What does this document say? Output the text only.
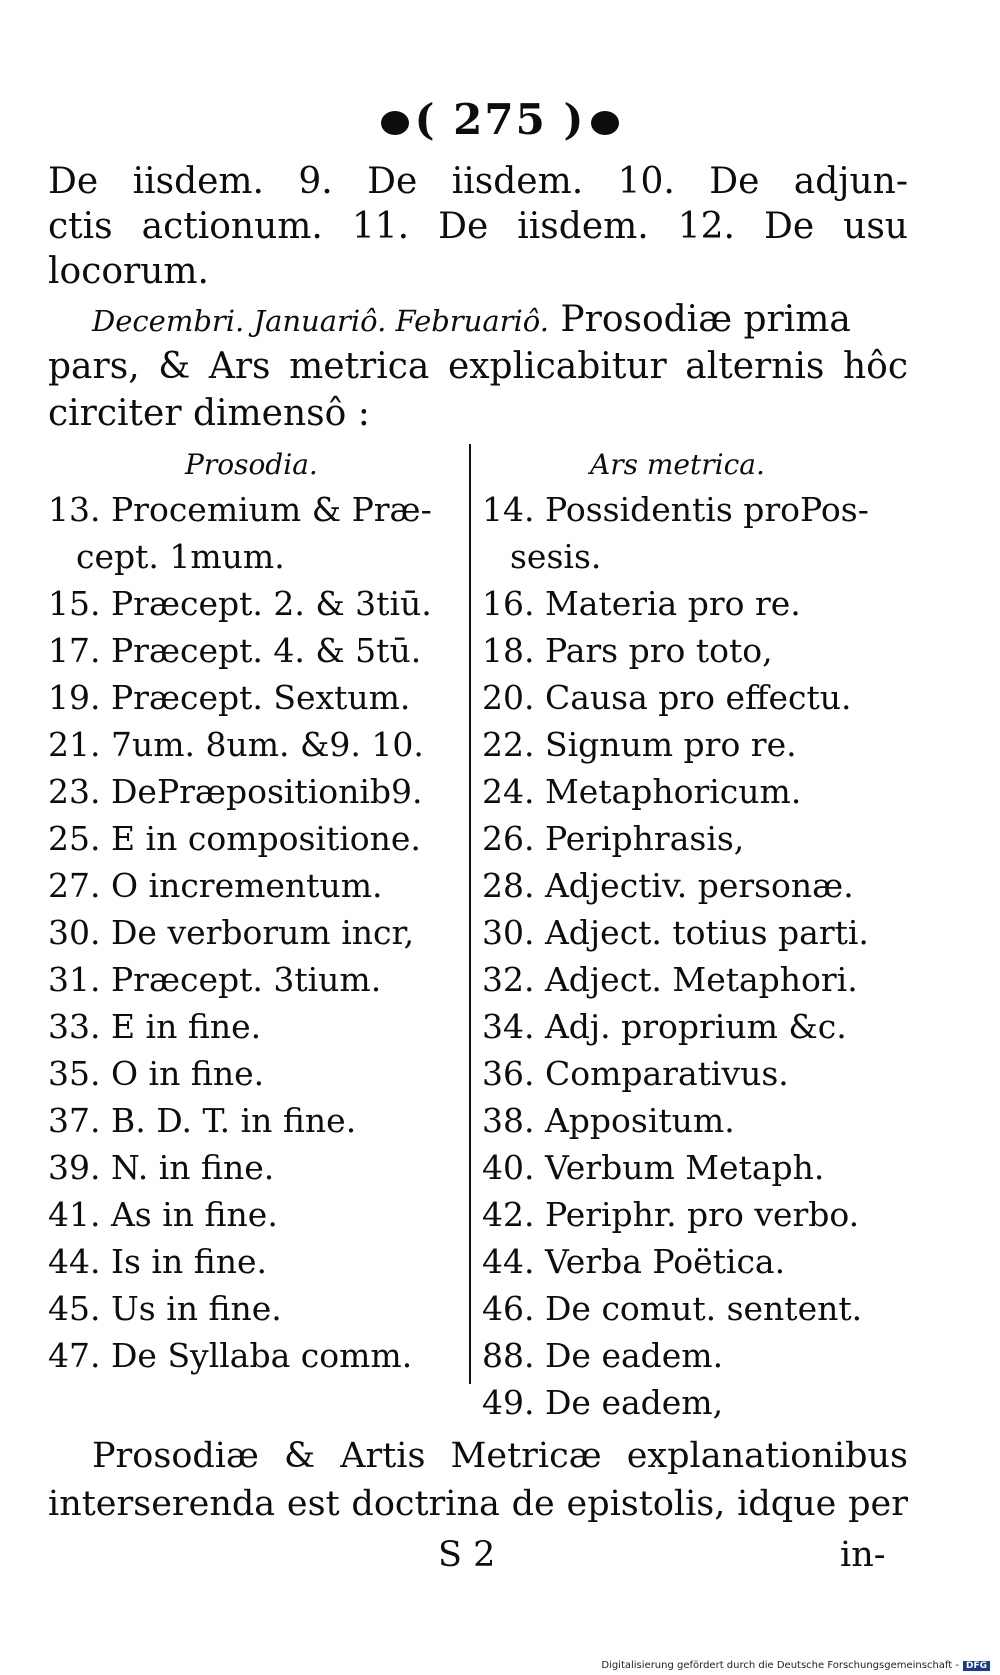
( 275 )
De iisdem. 9. De iisdem. 10. De adjun-
ctis actionum. 11. De iisdem. 12. De usu
locorum.
Decembri. Januariô. Februariô. Prosodiæ prima
pars, & Ars metrica explicabitur alternis hôc
circiter dimensô :
Prosodia.	Ars metrica.
13. Procemium & Præ-
cept. 1mum.
15. Præcept. 2. & 3tiū.
17. Præcept. 4. & 5tū.
19. Præcept. Sextum.
21. 7um. 8um. &9. 10.
23. DePræpositionib9.
25. E in compositione.
27. O incrementum.
30. De verborum incr,
31. Præcept. 3tium.
33. E in fine.
35. O in fine.
37. B. D. T. in fine.
39. N. in fine.
41. As in fine.
44. Is in fine.
45. Us in fine.
47. De Syllaba comm.
14. Possidentis proPos-
sesis.
16. Materia pro re.
18. Pars pro toto,
20. Causa pro effectu.
22. Signum pro re.
24. Metaphoricum.
26. Periphrasis,
28. Adjectiv. personæ.
30. Adject. totius parti.
32. Adject. Metaphori.
34. Adj. proprium &c.
36. Comparativus.
38. Appositum.
40. Verbum Metaph.
42. Periphr. pro verbo.
44. Verba Poëtica.
46. De comut. sentent.
88. De eadem.
49. De eadem,
Prosodiæ & Artis Metricæ explanationibus
interserenda est doctrina de epistolis, idque per
S 2	in-
Digitalisierung gefördert durch die Deutsche Forschungsgemeinschaft - DFG
